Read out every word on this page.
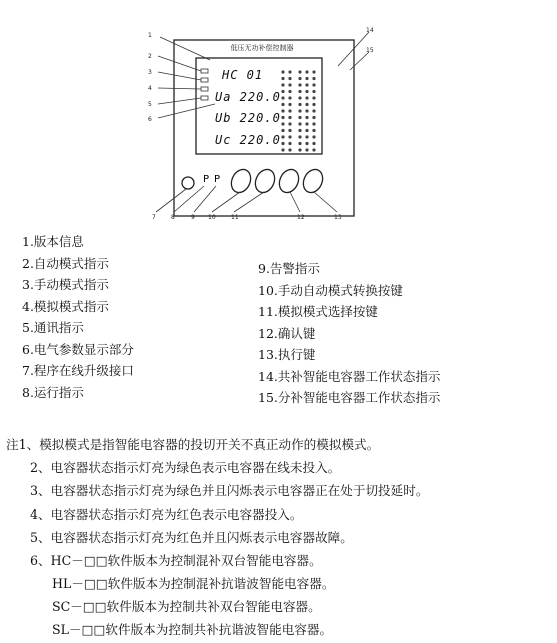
低压无功补偿控制器
HC 01
Ua 220.0
Ub 220.0
Uc 220.0
P P
1
2
3
4
5
6
7	8	9 10	11	12	13
14
15
1.版本信息
2.自动模式指示
3.手动模式指示
4.模拟模式指示
5.通讯指示
6.电气参数显示部分
7.程序在线升级接口
8.运行指示
9.告警指示
10.手动自动模式转换按键
11.模拟模式选择按键
12.确认键
13.执行键
14.共补智能电容器工作状态指示
15.分补智能电容器工作状态指示
注1、模拟模式是指智能电容器的投切开关不真正动作的模拟模式。
2、电容器状态指示灯亮为绿色表示电容器在线未投入。
3、电容器状态指示灯亮为绿色并且闪烁表示电容器正在处于切投延时。
4、电容器状态指示灯亮为红色表示电容器投入。
5、电容器状态指示灯亮为红色并且闪烁表示电容器故障。
6、HC－□□软件版本为控制混补双台智能电容器。
HL－□□软件版本为控制混补抗谐波智能电容器。
SC－□□软件版本为控制共补双台智能电容器。
SL－□□软件版本为控制共补抗谐波智能电容器。
